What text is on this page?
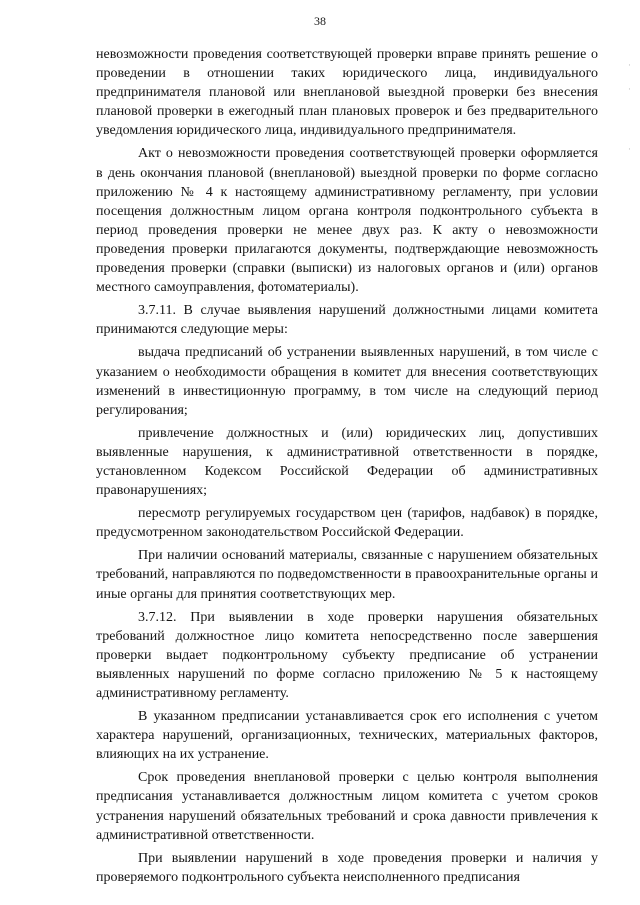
38

невозможности проведения соответствующей проверки вправе принять решение о проведении в отношении таких юридического лица, индивидуального предпринимателя плановой или внеплановой выездной проверки без внесения плановой проверки в ежегодный план плановых проверок и без предварительного уведомления юридического лица, индивидуального предпринимателя.

Акт о невозможности проведения соответствующей проверки оформляется в день окончания плановой (внеплановой) выездной проверки по форме согласно приложению № 4 к настоящему административному регламенту, при условии посещения должностным лицом органа контроля подконтрольного субъекта в период проведения проверки не менее двух раз. К акту о невозможности проведения проверки прилагаются документы, подтверждающие невозможность проведения проверки (справки (выписки) из налоговых органов и (или) органов местного самоуправления, фотоматериалы).

3.7.11. В случае выявления нарушений должностными лицами комитета принимаются следующие меры:

выдача предписаний об устранении выявленных нарушений, в том числе с указанием о необходимости обращения в комитет для внесения соответствующих изменений в инвестиционную программу, в том числе на следующий период регулирования;

привлечение должностных и (или) юридических лиц, допустивших выявленные нарушения, к административной ответственности в порядке, установленном Кодексом Российской Федерации об административных правонарушениях;

пересмотр регулируемых государством цен (тарифов, надбавок) в порядке, предусмотренном законодательством Российской Федерации.

При наличии оснований материалы, связанные с нарушением обязательных требований, направляются по подведомственности в правоохранительные органы и иные органы для принятия соответствующих мер.

3.7.12. При выявлении в ходе проверки нарушения обязательных требований должностное лицо комитета непосредственно после завершения проверки выдает подконтрольному субъекту предписание об устранении выявленных нарушений по форме согласно приложению № 5 к настоящему административному регламенту.

В указанном предписании устанавливается срок его исполнения с учетом характера нарушений, организационных, технических, материальных факторов, влияющих на их устранение.

Срок проведения внеплановой проверки с целью контроля выполнения предписания устанавливается должностным лицом комитета с учетом сроков устранения нарушений обязательных требований и срока давности привлечения к административной ответственности.

При выявлении нарушений в ходе проведения проверки и наличия у проверяемого подконтрольного субъекта неисполненного предписания

·

·

·
